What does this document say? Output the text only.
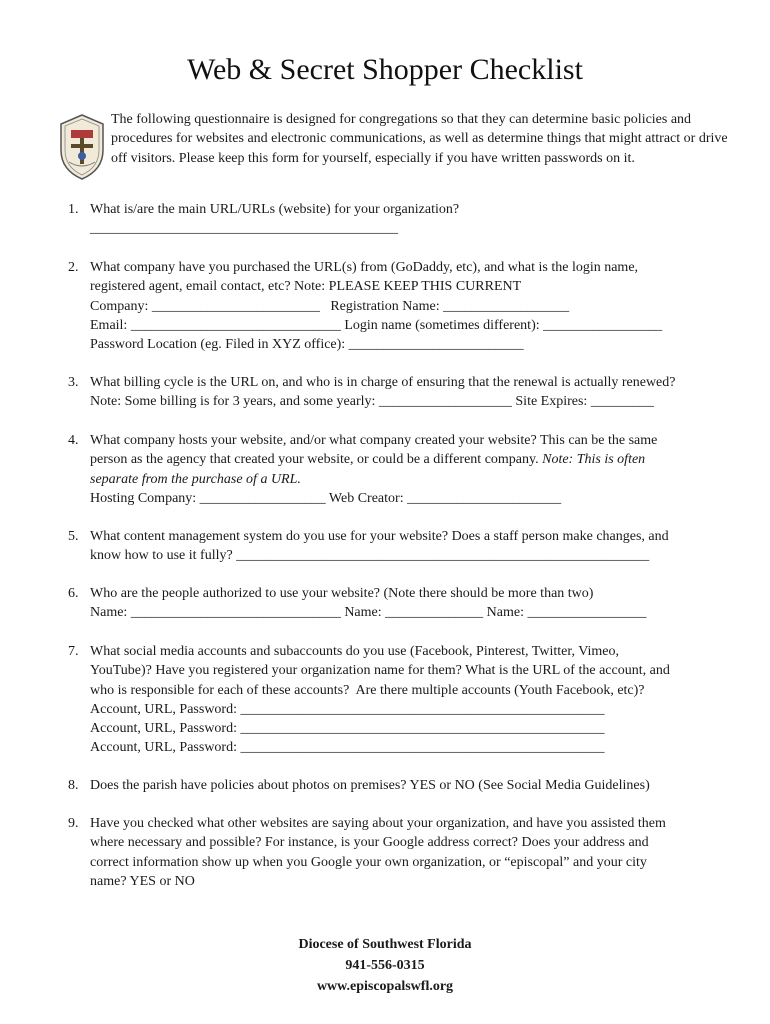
Web & Secret Shopper Checklist
The following questionnaire is designed for congregations so that they can determine basic policies and procedures for websites and electronic communications, as well as determine things that might attract or drive off visitors. Please keep this form for yourself, especially if you have written passwords on it.
1. What is/are the main URL/URLs (website) for your organization?
____________________________________________
2. What company have you purchased the URL(s) from (GoDaddy, etc), and what is the login name,
registered agent, email contact, etc? Note: PLEASE KEEP THIS CURRENT
Company: ________________________   Registration Name: __________________
Email: ______________________________ Login name (sometimes different): _________________
Password Location (eg. Filed in XYZ office): _________________________
3. What billing cycle is the URL on, and who is in charge of ensuring that the renewal is actually renewed?
Note: Some billing is for 3 years, and some yearly: ___________________ Site Expires: _________
4. What company hosts your website, and/or what company created your website? This can be the same
person as the agency that created your website, or could be a different company. Note: This is often
separate from the purchase of a URL.
Hosting Company: __________________ Web Creator: ______________________
5. What content management system do you use for your website? Does a staff person make changes, and
know how to use it fully? ___________________________________________________________
6. Who are the people authorized to use your website? (Note there should be more than two)
Name: ______________________________ Name: ______________ Name: _________________
7. What social media accounts and subaccounts do you use (Facebook, Pinterest, Twitter, Vimeo,
YouTube)? Have you registered your organization name for them? What is the URL of the account, and
who is responsible for each of these accounts?  Are there multiple accounts (Youth Facebook, etc)?
Account, URL, Password: ____________________________________________________
Account, URL, Password: ____________________________________________________
Account, URL, Password: ____________________________________________________
8. Does the parish have policies about photos on premises? YES or NO (See Social Media Guidelines)
9. Have you checked what other websites are saying about your organization, and have you assisted them
where necessary and possible? For instance, is your Google address correct? Does your address and
correct information show up when you Google your own organization, or “episcopal” and your city
name? YES or NO
Diocese of Southwest Florida
941-556-0315
www.episcopalswfl.org
